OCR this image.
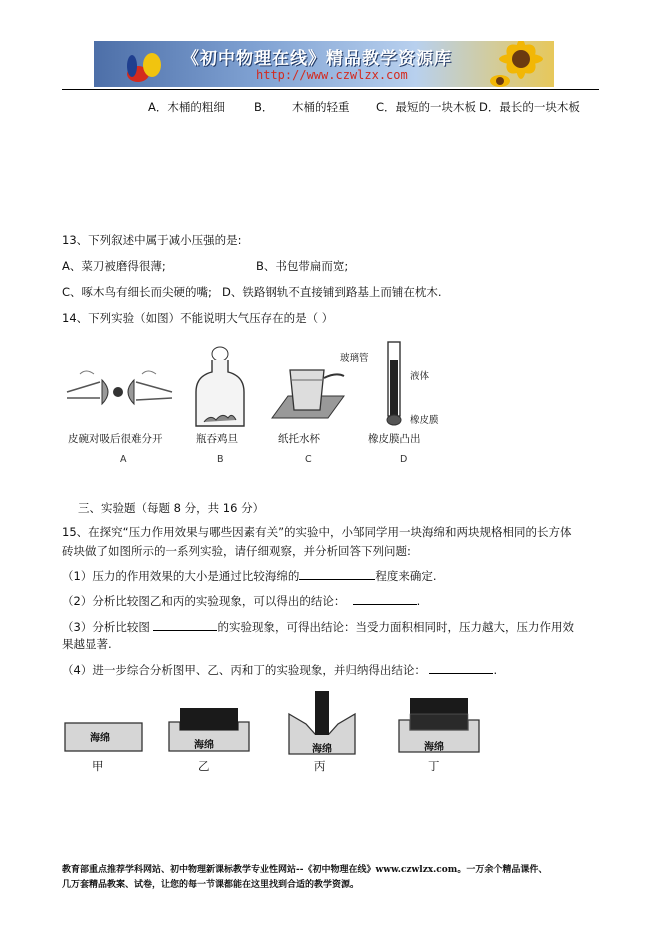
《初中物理在线》精品教学资源库
http://www.czwlzx.com
A．木桶的粗细	B． 木桶的轻重 C．最短的一块木板 D．最长的一块木板
13、下列叙述中属于减小压强的是:
A、菜刀被磨得很薄;	B、书包带扁而宽;
C、啄木鸟有细长而尖硬的嘴; D、铁路钢轨不直接铺到路基上而铺在枕木.
14、下列实验（如图）不能说明大气压存在的是（ ）
皮碗对吸后很难分开
A
瓶吞鸡旦
B
纸托水杯
C
玻璃管
液体
橡皮膜
橡皮膜凸出
D
三、实验题（每题 8 分，共 16 分）
15、在探究“压力作用效果与哪些因素有关”的实验中，小邹同学用一块海绵和两块规格相同的长方体
砖块做了如图所示的一系列实验，请仔细观察，并分析回答下列问题:
（1）压力的作用效果的大小是通过比较海绵的	程度来确定.
（2）分析比较图乙和丙的实验现象，可以得出的结论：	.
（3）分析比较图	的实验现象，可得出结论：当受力面积相同时，压力越大，压力作用效
果越显著.
（4）进一步综合分析图甲、乙、丙和丁的实验现象，并归纳得出结论：	.
海绵
甲
海绵
乙
海绵
丙
海绵
丁
教育部重点推荐学科网站、初中物理新课标教学专业性网站--《初中物理在线》www.czwlzx.com。一万余个精品课件、
几万套精品教案、试卷，让您的每一节课都能在这里找到合适的教学资源。
